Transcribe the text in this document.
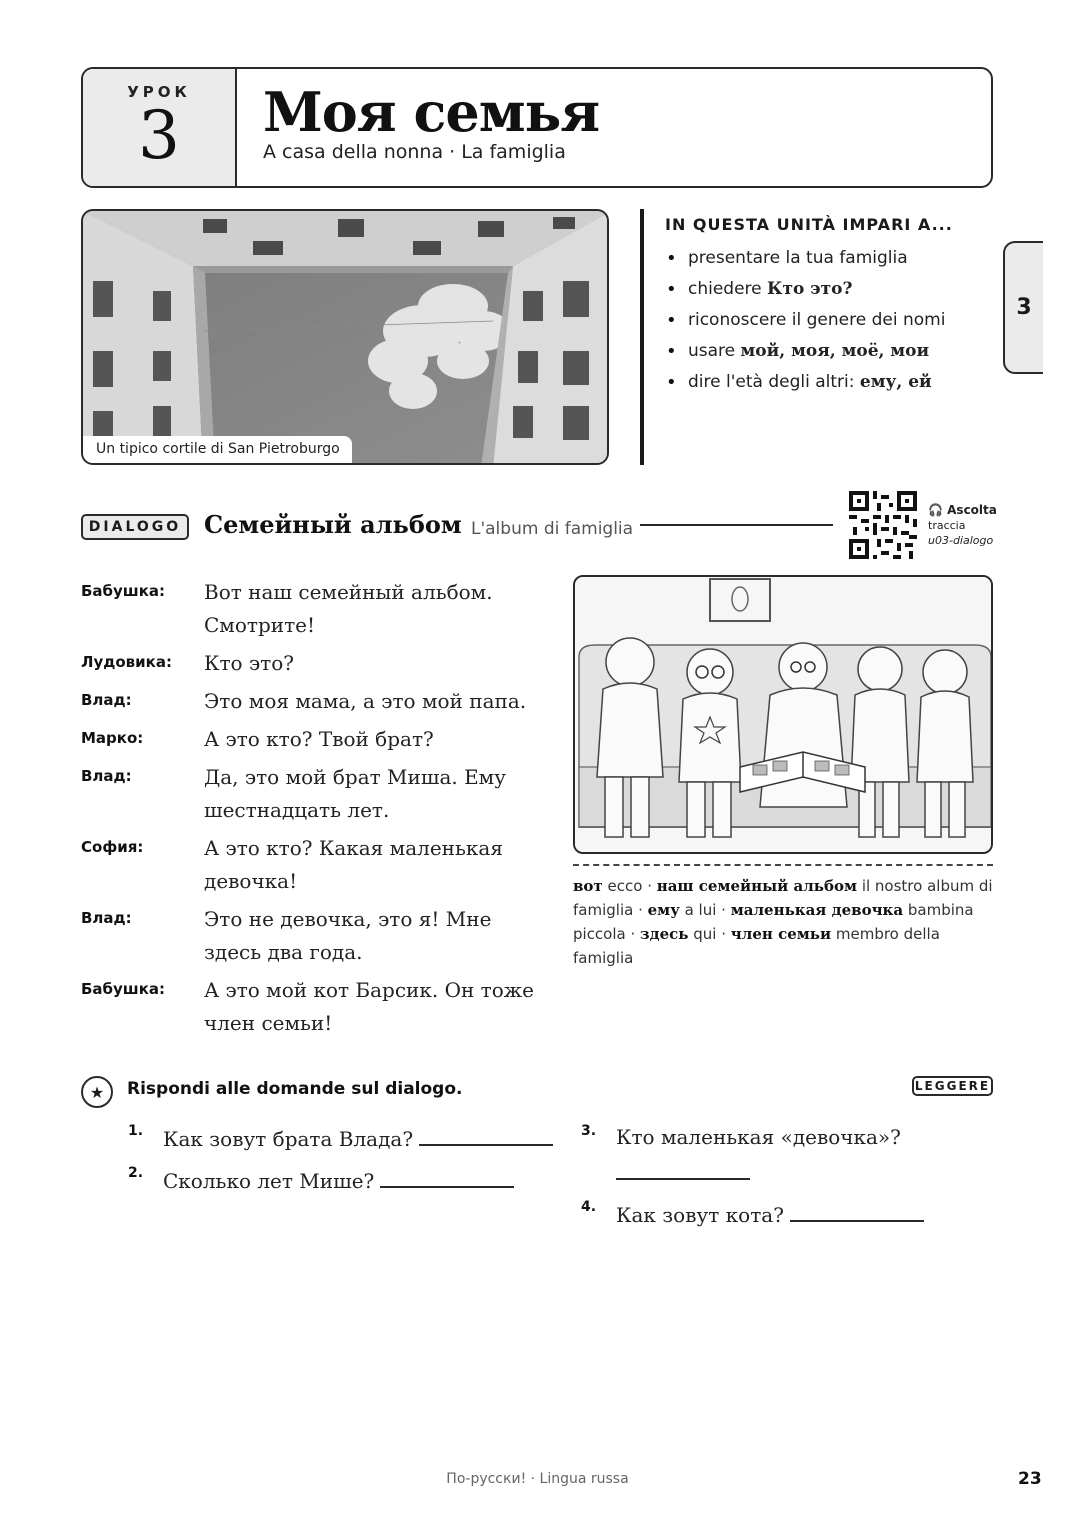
УРОК
3 Моя семья
A casa della nonna · La famiglia
3
Un tipico cortile di San Pietroburgo
IN QUESTA UNITÀ IMPARI A...
• presentare la tua famiglia
• chiedere Кто это?
• riconoscere il genere dei nomi
• usare мой, моя, моё, мои
• dire l'età degli altri: ему, ей
DIALOGO Семейный альбом L'album di famiglia
🎧 Ascolta
traccia
u03-dialogo
Бабушка:	Вот наш семейный альбом. Смотрите!
Лудовика:	Кто это?
Влад:	Это моя мама, а это мой папа.
Марко:	А это кто? Твой брат?
Влад:	Да, это мой брат Миша. Ему шестнадцать лет.
София:	А это кто? Какая маленькая девочка!
Влад:	Это не девочка, это я! Мне здесь два года.
Бабушка:	А это мой кот Барсик. Он тоже член семьи!
вот ecco · наш семейный альбом il nostro album di famiglia · ему a lui · маленькая девочка bambina piccola · здесь qui · член семьи membro della famiglia
★	Rispondi alle domande sul dialogo.	LEGGERE
1. Как зовут брата Влада?
2. Сколько лет Мише?
3. Кто маленькая «девочка»?

4. Как зовут кота?
По-русски! · Lingua russa	23
